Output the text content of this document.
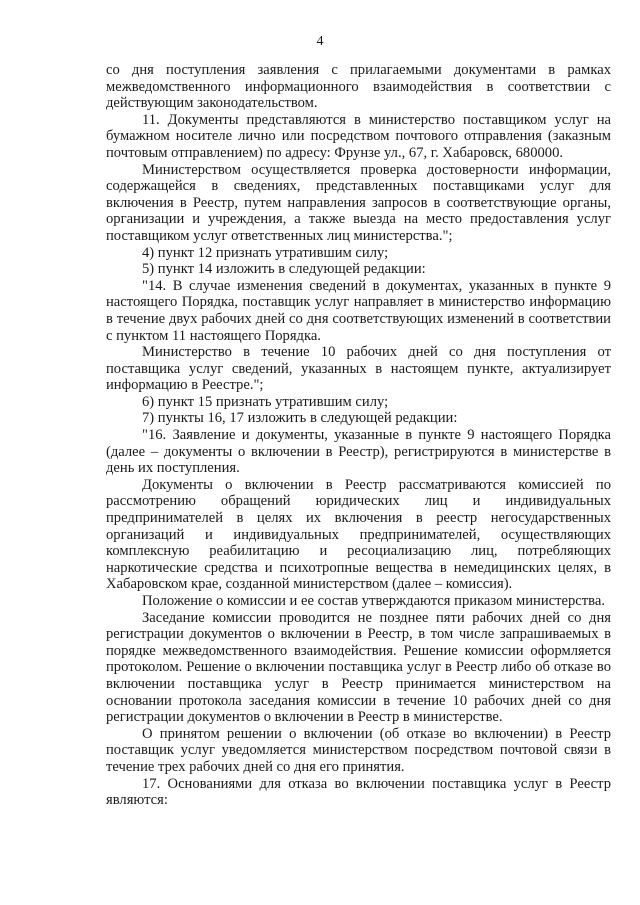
4

со дня поступления заявления с прилагаемыми документами в рамках межведомственного информационного взаимодействия в соответствии с действующим законодательством.

11. Документы представляются в министерство поставщиком услуг на бумажном носителе лично или посредством почтового отправления (заказным почтовым отправлением) по адресу: Фрунзе ул., 67, г. Хабаровск, 680000.

Министерством осуществляется проверка достоверности информации, содержащейся в сведениях, представленных поставщиками услуг для включения в Реестр, путем направления запросов в соответствующие органы, организации и учреждения, а также выезда на место предоставления услуг поставщиком услуг ответственных лиц министерства.";

4) пункт 12 признать утратившим силу;

5) пункт 14 изложить в следующей редакции:

"14. В случае изменения сведений в документах, указанных в пункте 9 настоящего Порядка, поставщик услуг направляет в министерство информацию в течение двух рабочих дней со дня соответствующих изменений в соответствии с пунктом 11 настоящего Порядка.

Министерство в течение 10 рабочих дней со дня поступления от поставщика услуг сведений, указанных в настоящем пункте, актуализирует информацию в Реестре.";

6) пункт 15 признать утратившим силу;

7) пункты 16, 17 изложить в следующей редакции:

"16. Заявление и документы, указанные в пункте 9 настоящего Порядка (далее – документы о включении в Реестр), регистрируются в министерстве в день их поступления.

Документы о включении в Реестр рассматриваются комиссией по рассмотрению обращений юридических лиц и индивидуальных предпринимателей в целях их включения в реестр негосударственных организаций и индивидуальных предпринимателей, осуществляющих комплексную реабилитацию и ресоциализацию лиц, потребляющих наркотические средства и психотропные вещества в немедицинских целях, в Хабаровском крае, созданной министерством (далее – комиссия).

Положение о комиссии и ее состав утверждаются приказом министерства.

Заседание комиссии проводится не позднее пяти рабочих дней со дня регистрации документов о включении в Реестр, в том числе запрашиваемых в порядке межведомственного взаимодействия. Решение комиссии оформляется протоколом. Решение о включении поставщика услуг в Реестр либо об отказе во включении поставщика услуг в Реестр принимается министерством на основании протокола заседания комиссии в течение 10 рабочих дней со дня регистрации документов о включении в Реестр в министерстве.

О принятом решении о включении (об отказе во включении) в Реестр поставщик услуг уведомляется министерством посредством почтовой связи в течение трех рабочих дней со дня его принятия.

17. Основаниями для отказа во включении поставщика услуг в Реестр являются:
